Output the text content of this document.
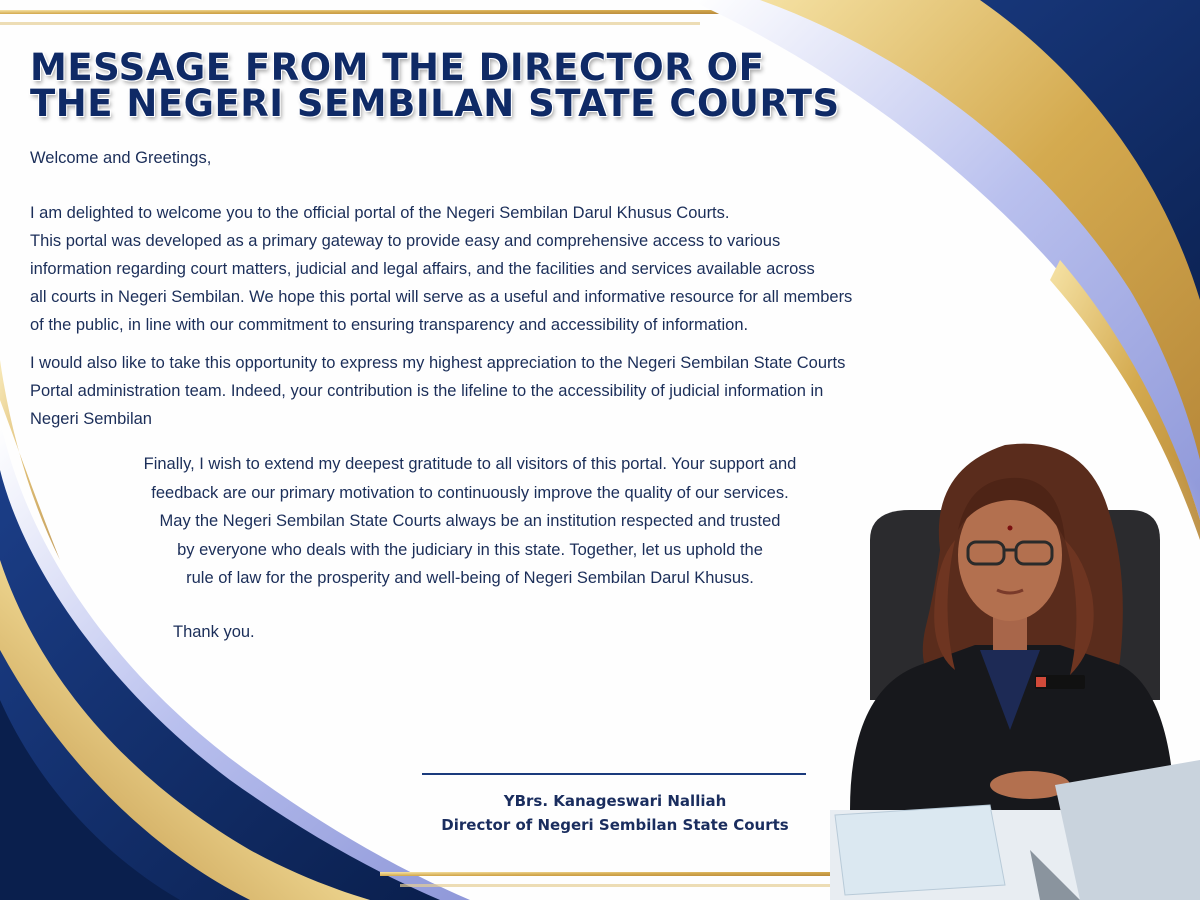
MESSAGE FROM THE DIRECTOR OF
THE NEGERI SEMBILAN STATE COURTS

Welcome and Greetings,

I am delighted to welcome you to the official portal of the Negeri Sembilan Darul Khusus Courts.
This portal was developed as a primary gateway to provide easy and comprehensive access to various
information regarding court matters, judicial and legal affairs, and the facilities and services available across
all courts in Negeri Sembilan. We hope this portal will serve as a useful and informative resource for all members
of the public, in line with our commitment to ensuring transparency and accessibility of information.

I would also like to take this opportunity to express my highest appreciation to the Negeri Sembilan State Courts
Portal administration team. Indeed, your contribution is the lifeline to the accessibility of judicial information in
Negeri Sembilan

Finally, I wish to extend my deepest gratitude to all visitors of this portal. Your support and
feedback are our primary motivation to continuously improve the quality of our services.
May the Negeri Sembilan State Courts always be an institution respected and trusted
by everyone who deals with the judiciary in this state. Together, let us uphold the
rule of law for the prosperity and well-being of Negeri Sembilan Darul Khusus.
Thank you.
YBrs. Kanageswari Nalliah
Director of Negeri Sembilan State Courts
